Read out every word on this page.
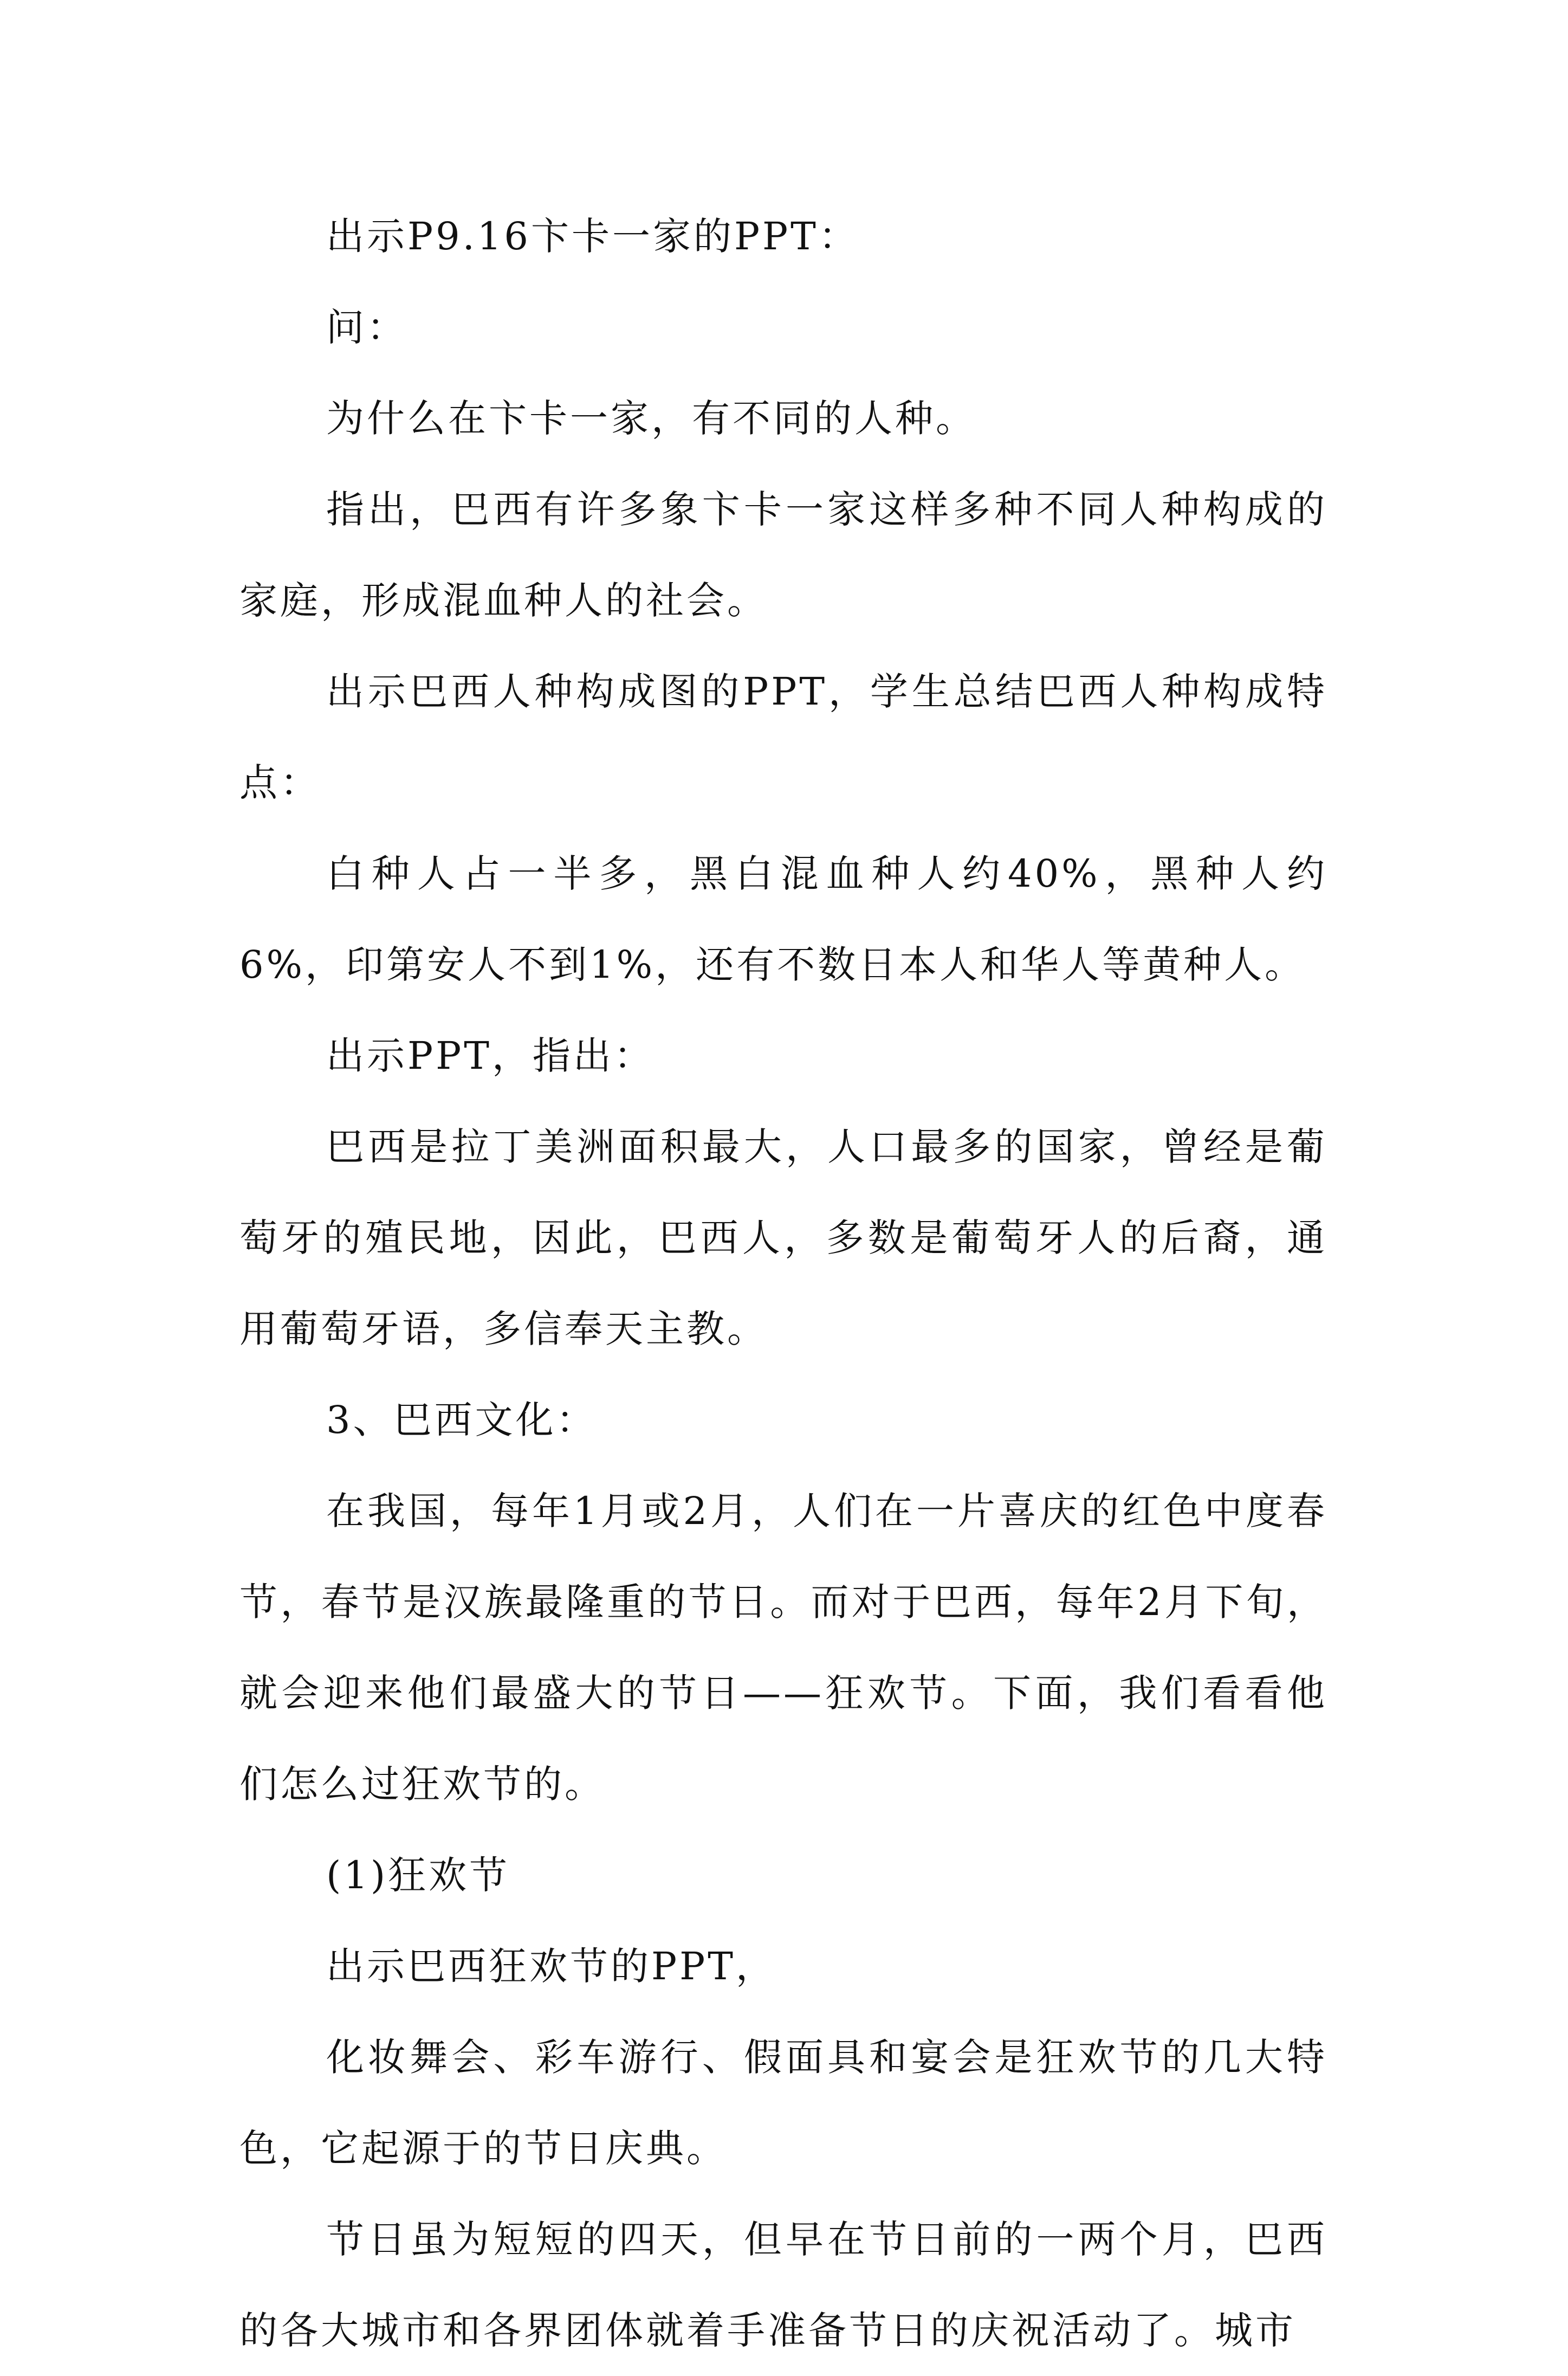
出示P9.16卞卡一家的PPT：

问：

为什么在卞卡一家，有不同的人种。

指出，巴西有许多象卞卡一家这样多种不同人种构成的家庭，形成混血种人的社会。

出示巴西人种构成图的PPT，学生总结巴西人种构成特点：

白种人占一半多，黑白混血种人约40%，黑种人约6%，印第安人不到1%，还有不数日本人和华人等黄种人。

出示PPT，指出：

巴西是拉丁美洲面积最大，人口最多的国家，曾经是葡萄牙的殖民地，因此，巴西人，多数是葡萄牙人的后裔，通用葡萄牙语，多信奉天主教。

3、巴西文化：

在我国，每年1月或2月，人们在一片喜庆的红色中度春节，春节是汉族最隆重的节日。而对于巴西，每年2月下旬，就会迎来他们最盛大的节日——狂欢节。下面，我们看看他们怎么过狂欢节的。

(1)狂欢节

出示巴西狂欢节的PPT，

化妆舞会、彩车游行、假面具和宴会是狂欢节的几大特色，它起源于的节日庆典。

节日虽为短短的四天，但早在节日前的一两个月，巴西的各大城市和各界团体就着手准备节日的庆祝活动了。城市
